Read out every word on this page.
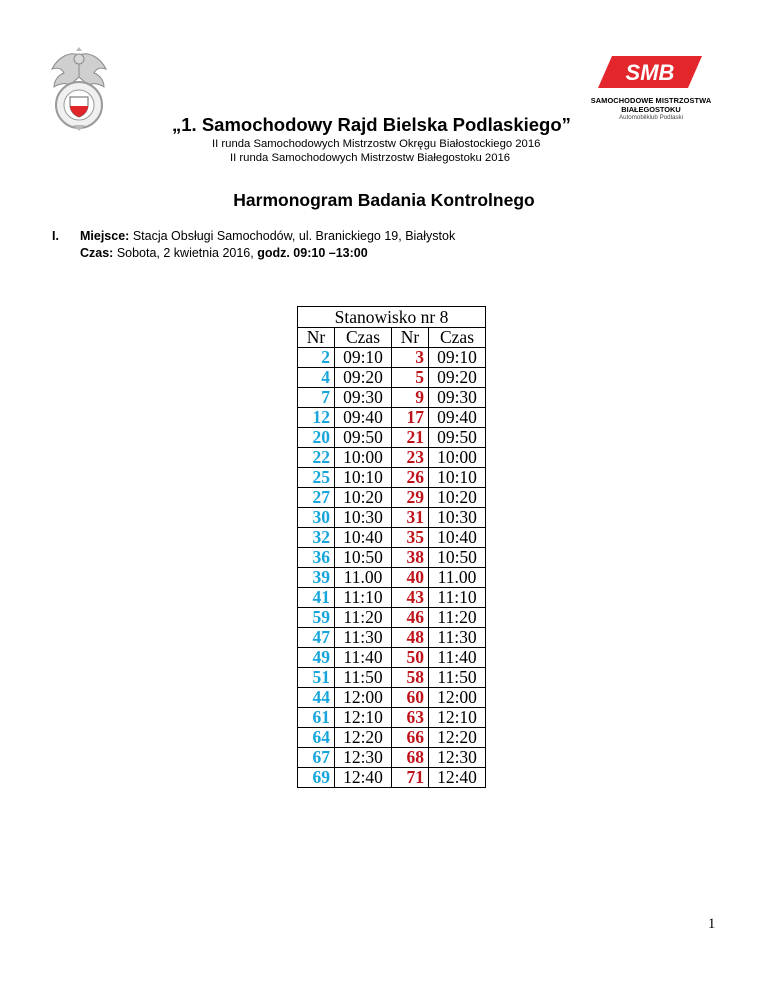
SMB
SAMOCHODOWE MISTRZOSTWA
BIAŁEGOSTOKU
Automobilklub Podlaski
„1. Samochodowy Rajd Bielska Podlaskiego”
II runda Samochodowych Mistrzostw Okręgu Białostockiego 2016
II runda Samochodowych Mistrzostw Białegostoku 2016
Harmonogram Badania Kontrolnego
I. Miejsce: Stacja Obsługi Samochodów, ul. Branickiego 19, Białystok
Czas: Sobota, 2 kwietnia 2016, godz. 09:10 –13:00
Stanowisko nr 8			
Nr	Czas	Nr	Czas
2	09:10	3	09:10
4	09:20	5	09:20
7	09:30	9	09:30
12	09:40	17	09:40
20	09:50	21	09:50
22	10:00	23	10:00
25	10:10	26	10:10
27	10:20	29	10:20
30	10:30	31	10:30
32	10:40	35	10:40
36	10:50	38	10:50
39	11.00	40	11.00
41	11:10	43	11:10
59	11:20	46	11:20
47	11:30	48	11:30
49	11:40	50	11:40
51	11:50	58	11:50
44	12:00	60	12:00
61	12:10	63	12:10
64	12:20	66	12:20
67	12:30	68	12:30
69	12:40	71	12:40
1
